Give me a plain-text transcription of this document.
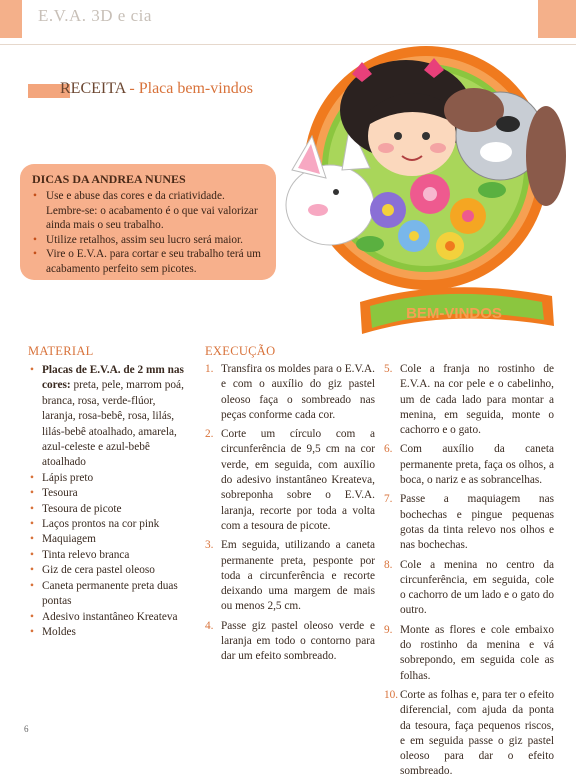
E.V.A. 3D e cia
RECEITA - Placa bem-vindos
BEM-VINDOS
DICAS DA ANDREA NUNES
• Use e abuse das cores e da criatividade. Lembre-se: o acabamento é o que vai valorizar ainda mais o seu trabalho.
• Utilize retalhos, assim seu lucro será maior.
• Vire o E.V.A. para cortar e seu trabalho terá um acabamento perfeito sem picotes.
MATERIAL
• Placas de E.V.A. de 2 mm nas cores: preta, pele, marrom poá, branca, rosa, verde-flúor, laranja, rosa-bebê, rosa, lilás, lilás-bebê atoalhado, amarela, azul-celeste e azul-bebê atoalhado
• Lápis preto
• Tesoura
• Tesoura de picote
• Laços prontos na cor pink
• Maquiagem
• Tinta relevo branca
• Giz de cera pastel oleoso
• Caneta permanente preta duas pontas
• Adesivo instantâneo Kreateva
• Moldes
EXECUÇÃO
1. Transfira os moldes para o E.V.A. e com o auxílio do giz pastel oleoso faça o sombreado nas peças conforme cada cor.
2. Corte um círculo com a circunferência de 9,5 cm na cor verde, em seguida, com auxílio do adesivo instantâneo Kreateva, sobreponha sobre o E.V.A. laranja, recorte por toda a volta com a tesoura de picote.
3. Em seguida, utilizando a caneta permanente preta, pesponte por toda a circunferência e recorte deixando uma margem de mais ou menos 2,5 cm.
4. Passe giz pastel oleoso verde e laranja em todo o contorno para dar um efeito sombreado.
5. Cole a franja no rostinho de E.V.A. na cor pele e o cabelinho, um de cada lado para montar a menina, em seguida, monte o cachorro e o gato.
6. Com auxílio da caneta permanente preta, faça os olhos, a boca, o nariz e as sobrancelhas.
7. Passe a maquiagem nas bochechas e pingue pequenas gotas da tinta relevo nos olhos e nas bochechas.
8. Cole a menina no centro da circunferência, em seguida, cole o cachorro de um lado e o gato do outro.
9. Monte as flores e cole embaixo do rostinho da menina e vá sobrepondo, em seguida cole as folhas.
10. Corte as folhas e, para ter o efeito diferencial, com ajuda da ponta da tesoura, faça pequenos riscos, e em seguida passe o giz pastel oleoso para dar o efeito sombreado.
6
